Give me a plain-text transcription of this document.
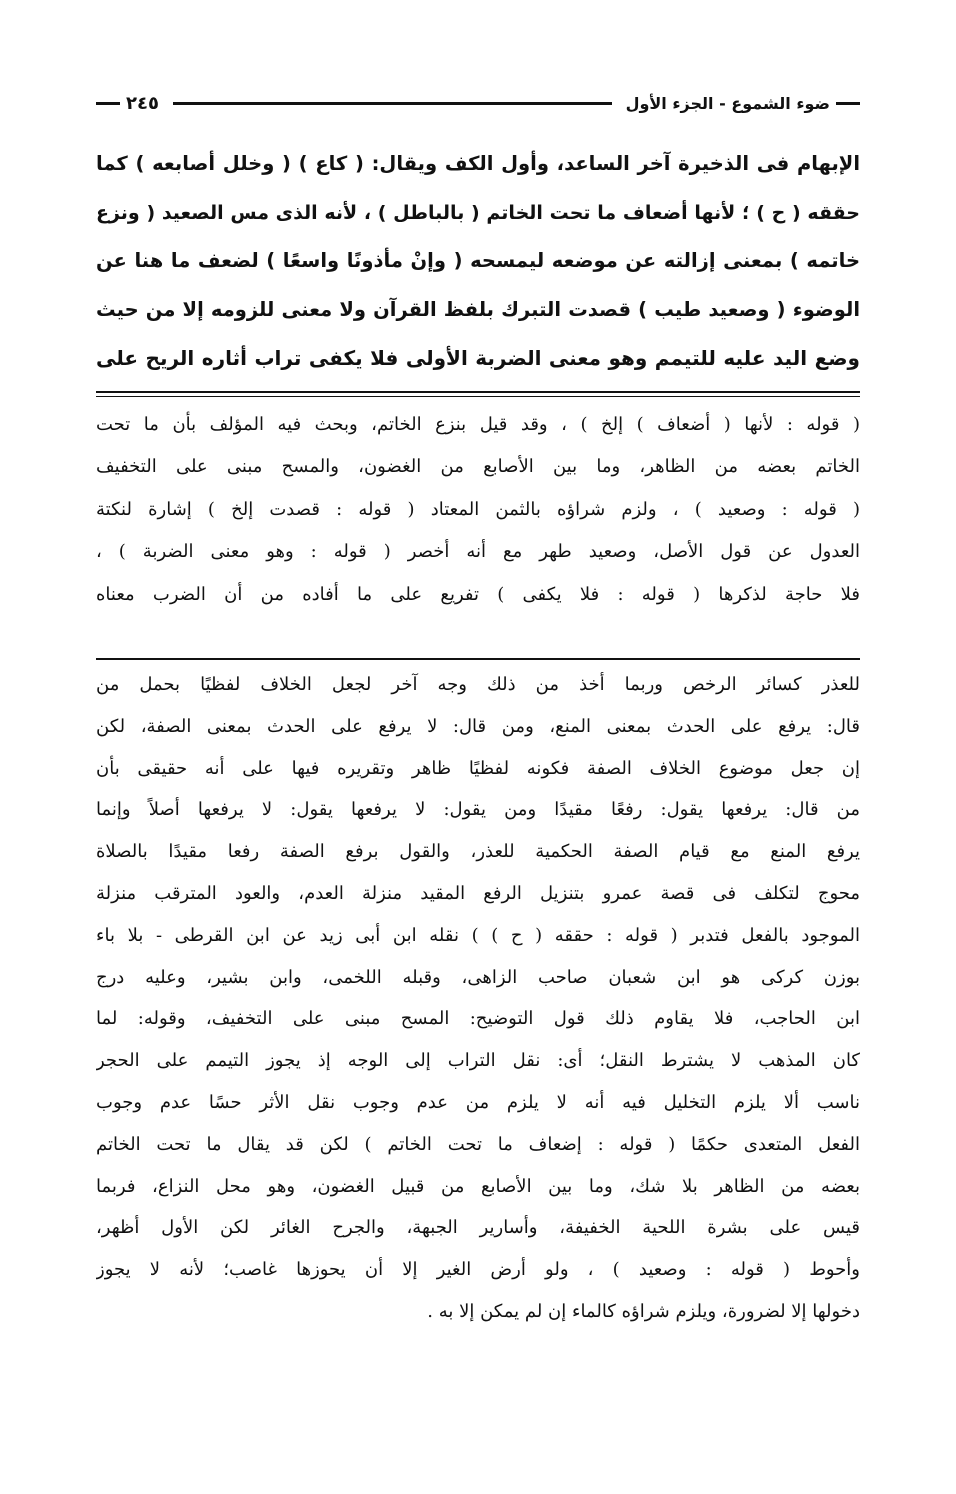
ضوء الشموع - الجزء الأول
٢٤٥

الإبهام فى الذخيرة آخر الساعد، وأول الكف ويقال: ( كاع ) ( وخلل أصابعه ) كما

حققه ( ح ) ؛ لأنها أضعاف ما تحت الخاتم ( بالباطل ) ، لأنه الذى مس الصعيد ( ونزع

خاتمه ) بمعنى إزالته عن موضعه ليمسحه ( وإنْ مأذونًا واسعًا ) لضعف ما هنا عن

الوضوء ( وصعيد طيب ) قصدت التبرك بلفظ القرآن ولا معنى للزومه إلا من حيث

وضع اليد عليه للتيمم وهو معنى الضربة الأولى فلا يكفى تراب أثاره الريح على

( قوله : لأنها ( أضعاف ) إلخ ) ، وقد قيل بنزع الخاتم، وبحث فيه المؤلف بأن ما تحت

الخاتم بعضه من الظاهر، وما بين الأصابع من الغضون، والمسح مبنى على التخفيف

( قوله : وصعيد ) ، ولزم شراؤه بالثمن المعتاد ( قوله : قصدت إلخ ) إشارة لنكتة

العدول عن قول الأصل، وصعيد طهر مع أنه أخصر ( قوله : وهو معنى الضربة ) ،

فلا حاجة لذكرها ( قوله : فلا يكفى ) تفريع على ما أفاده من أن الضرب معناه

للعذر كسائر الرخص وربما أخذ من ذلك وجه آخر لجعل الخلاف لفظيًا بحمل من

قال: يرفع على الحدث بمعنى المنع، ومن قال: لا يرفع على الحدث بمعنى الصفة، لكن

إن جعل موضوع الخلاف الصفة فكونه لفظيًا ظاهر وتقريره فيها على أنه حقيقى بأن

من قال: يرفعها يقول: رفعًا مقيدًا ومن يقول: لا يرفعها يقول: لا يرفعها أصلاً وإنما

يرفع المنع مع قيام الصفة الحكمية للعذر، والقول برفع الصفة رفعا مقيدًا بالصلاة

محوج لتكلف فى قصة عمرو بتنزيل الرفع المقيد منزلة العدم، والعود المترقب منزلة

الموجود بالفعل فتدبر ( قوله : حققه ( ح ) ) نقله ابن أبى زيد عن ابن القرطى - بلا باء

بوزن كركى هو ابن شعبان صاحب الزاهى، وقبله اللخمى، وابن بشير، وعليه درج

ابن الحاجب، فلا يقاوم ذلك قول التوضيح: المسح مبنى على التخفيف، وقوله: لما

كان المذهب لا يشترط النقل؛ أى: نقل التراب إلى الوجه إذ يجوز التيمم على الحجر

ناسب ألا يلزم التخليل فيه أنه لا يلزم من عدم وجوب نقل الأثر حسًا عدم وجوب

الفعل المتعدى حكمًا ( قوله : إضعاف ما تحت الخاتم ) لكن قد يقال ما تحت الخاتم

بعضه من الظاهر بلا شك، وما بين الأصابع من قبيل الغضون، وهو محل النزاع، فربما

قيس على بشرة اللحية الخفيفة، وأسارير الجبهة، والجرح الغائر لكن الأول أظهر،

وأحوط ( قوله : وصعيد ) ، ولو أرض الغير إلا أن يحوزها غاصب؛ لأنه لا يجوز

دخولها إلا لضرورة، ويلزم شراؤه كالماء إن لم يمكن إلا به .
